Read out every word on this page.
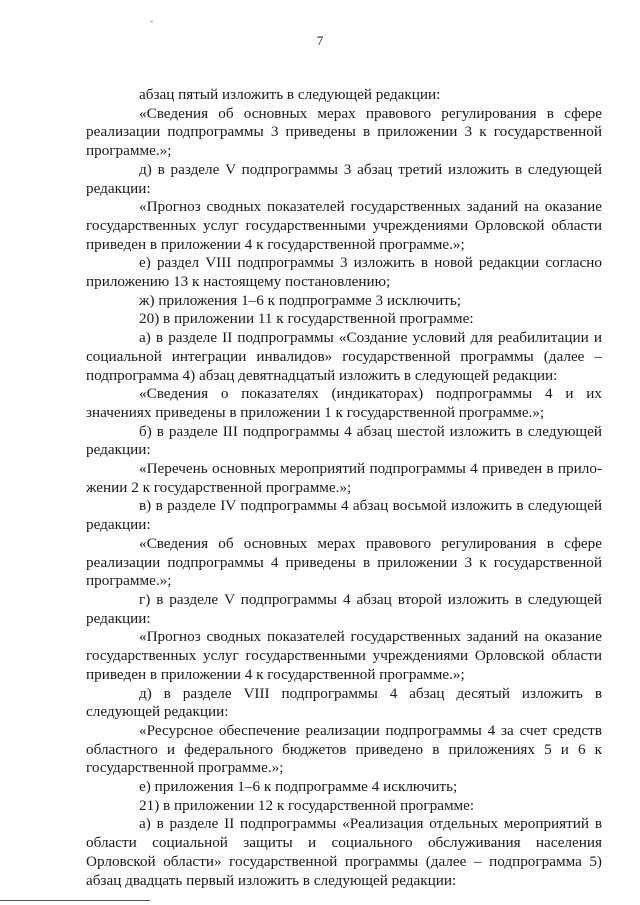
7

абзац пятый изложить в следующей редакции:

«Сведения об основных мерах правового регулирования в сфере реализации подпрограммы 3 приведены в приложении 3 к государственной программе.»;

д) в разделе V подпрограммы 3 абзац третий изложить в следующей редакции:

«Прогноз сводных показателей государственных заданий на оказание государственных услуг государственными учреждениями Орловской области приведен в приложении 4 к государственной программе.»;

е) раздел VIII подпрограммы 3 изложить в новой редакции согласно приложению 13 к настоящему постановлению;

ж) приложения 1–6 к подпрограмме 3 исключить;

20) в приложении 11 к государственной программе:

а) в разделе II подпрограммы «Создание условий для реабилитации и социальной интеграции инвалидов» государственной программы (далее – подпрограмма 4) абзац девятнадцатый изложить в следующей редакции:

«Сведения о показателях (индикаторах) подпрограммы 4 и их значениях приведены в приложении 1 к государственной программе.»;

б) в разделе III подпрограммы 4 абзац шестой изложить в следующей редакции:

«Перечень основных мероприятий подпрограммы 4 приведен в приложении 2 к государственной программе.»;

в) в разделе IV подпрограммы 4 абзац восьмой изложить в следующей редакции:

«Сведения об основных мерах правового регулирования в сфере реализации подпрограммы 4 приведены в приложении 3 к государственной программе.»;

г) в разделе V подпрограммы 4 абзац второй изложить в следующей редакции:

«Прогноз сводных показателей государственных заданий на оказание государственных услуг государственными учреждениями Орловской области приведен в приложении 4 к государственной программе.»;

д) в разделе VIII подпрограммы 4 абзац десятый изложить в следующей редакции:

«Ресурсное обеспечение реализации подпрограммы 4 за счет средств областного и федерального бюджетов приведено в приложениях 5 и 6 к государственной программе.»;

е) приложения 1–6 к подпрограмме 4 исключить;

21) в приложении 12 к государственной программе:

а) в разделе II подпрограммы «Реализация отдельных мероприятий в области социальной защиты и социального обслуживания населения Орловской области» государственной программы (далее – подпрограмма 5) абзац двадцать первый изложить в следующей редакции:
